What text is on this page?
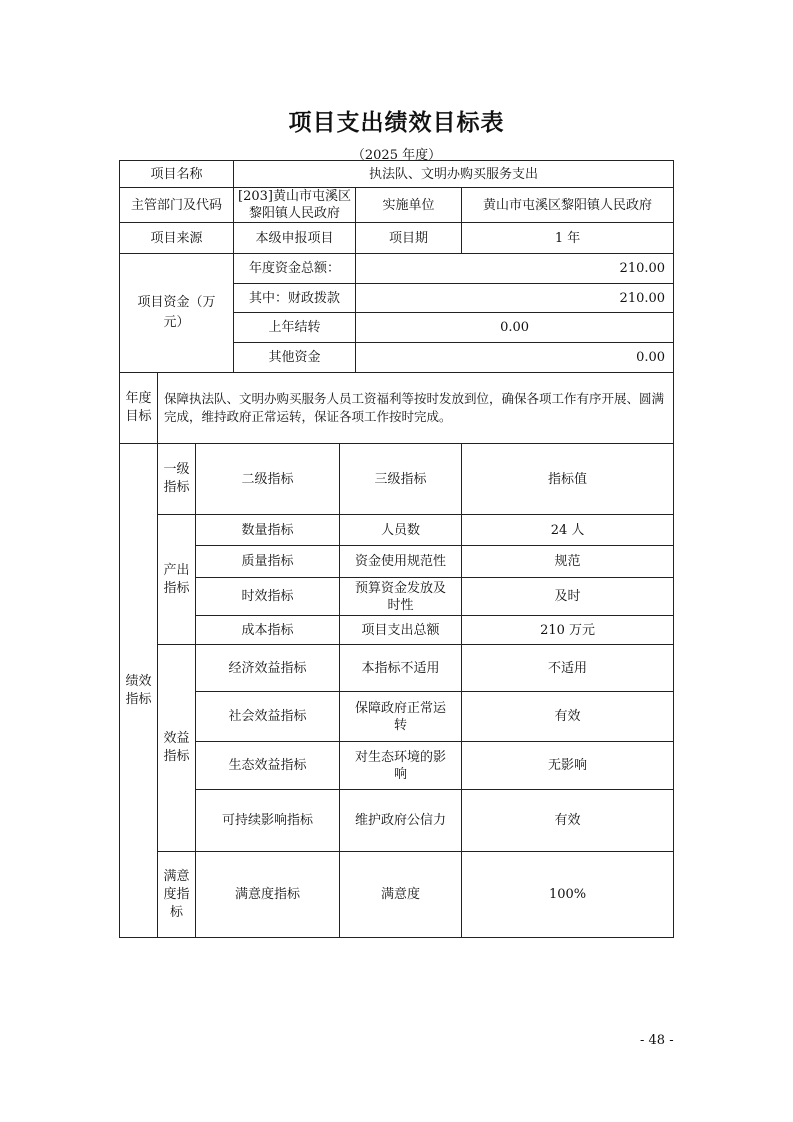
项目支出绩效目标表
（2025 年度）
项目名称			执法队、文明办购买服务支出			
主管部门及代码			[203]黄山市屯溪区黎阳镇人民政府		实施单位	黄山市屯溪区黎阳镇人民政府
项目来源			本级申报项目		项目期	1 年
项目资金（万元）			年度资金总额：		210.00	
			其中：财政拨款		210.00	
			上年结转		0.00	
			其他资金		0.00	
年度目标	保障执法队、文明办购买服务人员工资福利等按时发放到位，确保各项工作有序开展、圆满完成，维持政府正常运转，保证各项工作按时完成。					
绩效指标	一级指标	二级指标		三级指标		指标值
	产出指标	数量指标		人员数		24 人
		质量指标		资金使用规范性		规范
		时效指标		预算资金发放及时性		及时
		成本指标		项目支出总额		210 万元
	效益指标	经济效益指标		本指标不适用		不适用
		社会效益指标		保障政府正常运转		有效
		生态效益指标		对生态环境的影响		无影响
		可持续影响指标		维护政府公信力		有效
	满意度指标	满意度指标		满意度		100%
- 48 -
